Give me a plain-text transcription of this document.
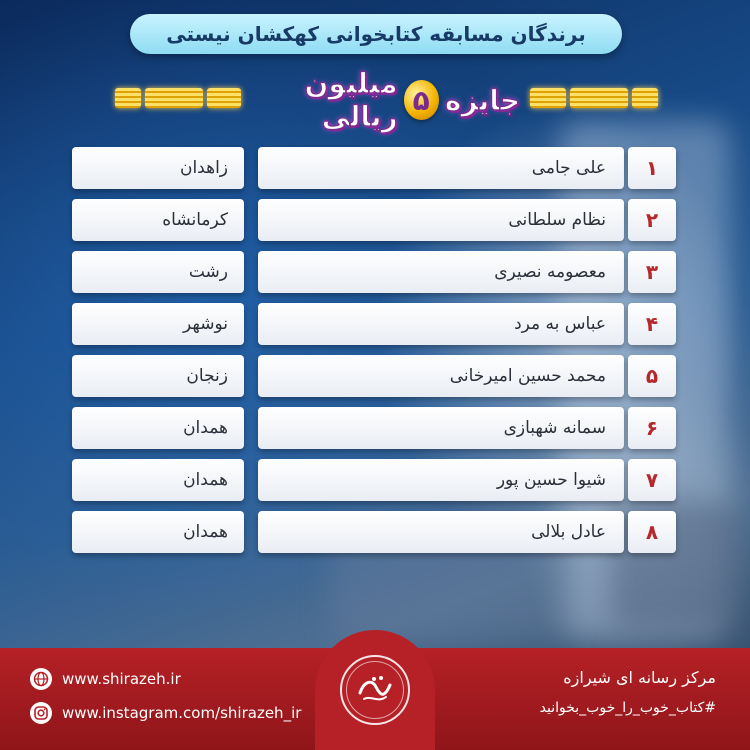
برندگان مسابقه کتابخوانی کهکشان نیستی
جایزه
۵
میلیون ریالی
زاهدان	علی جامی	۱
کرمانشاه	نظام سلطانی	۲
رشت	معصومه نصیری	۳
نوشهر	عباس به مرد	۴
زنجان	محمد حسین امیرخانی	۵
همدان	سمانه شهبازی	۶
همدان	شیوا حسین پور	۷
همدان	عادل بلالی	۸
www.shirazeh.ir
www.instagram.com/shirazeh_ir
مرکز رسانه ای شیرازه
#کتاب_خوب_را_خوب_بخوانید
